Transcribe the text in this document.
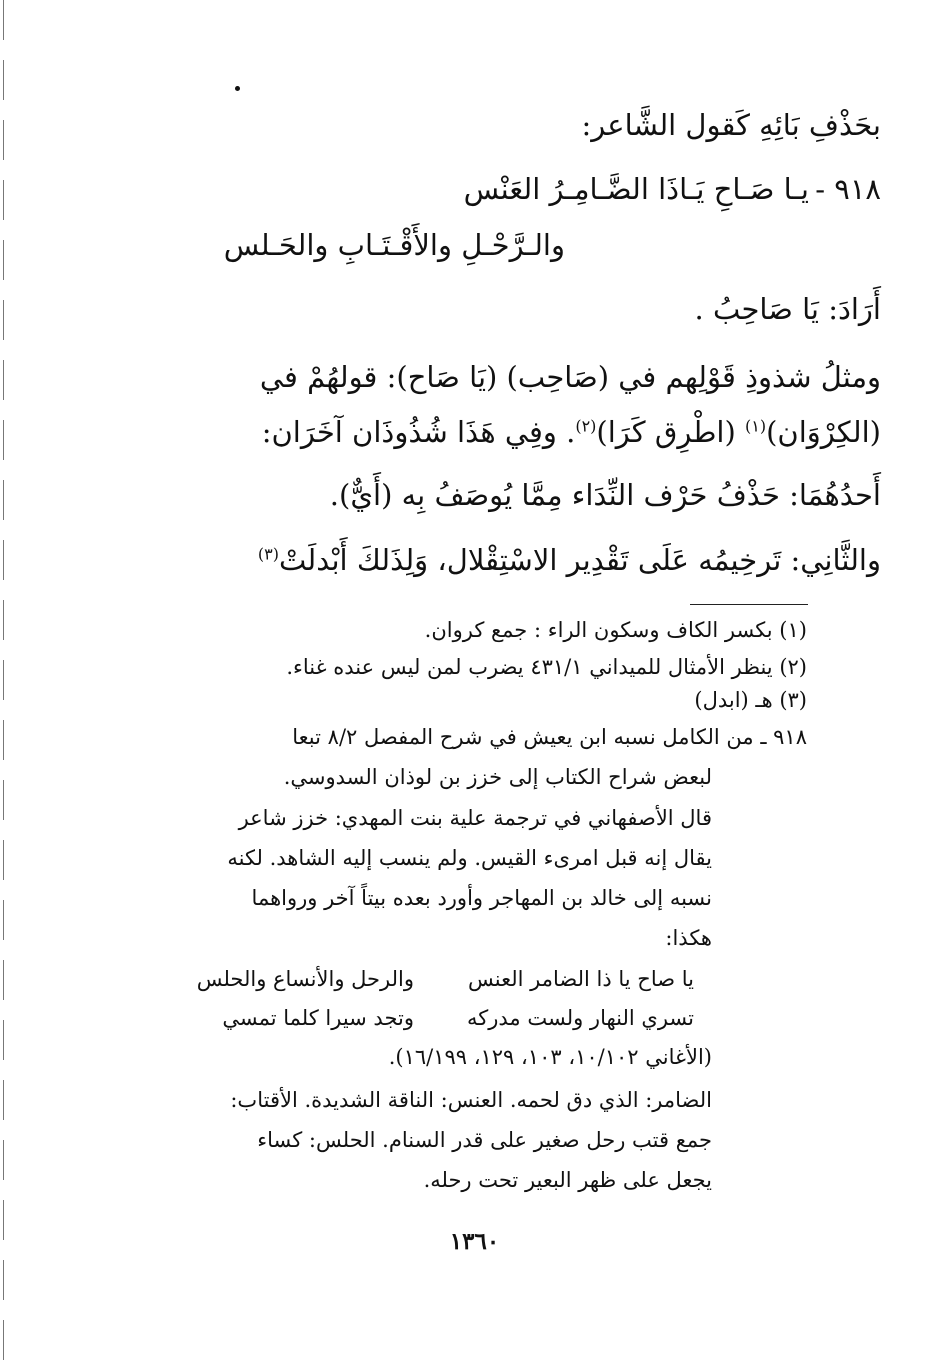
بحَذْفِ بَائِهِ كَقول الشَّاعر:
٩١٨ -
يـا صَـاحِ يَـاذَا الضَّـامِـرُ العَنْس
والـرَّحْـلِ والأَقْـتَـابِ والحَـلس
أَرَادَ: يَا صَاحِبُ .
ومثلُ شذوذِ قَوْلِهم في (صَاحِب) (يَا صَاح): قولهُمْ في
(الكِرْوَان)$^{(١)}$ (اطْرِق كَرَا)$^{(٢)}$. وفِي هَذَا شُذُوذَان آخَرَان:
أَحدُهُمَا: حَذْفُ حَرْف النِّدَاء مِمَّا يُوصَفُ بِه (أَيٌّ).
والثَّانِي: تَرخِيمُه عَلَى تَقْدِير الاسْتِقْلال، وَلِذَلكَ أَبْدلَتْ$^{(٣)}$
(١) بكسر الكاف وسكون الراء : جمع كروان.
(٢) ينظر الأمثال للميداني ٤٣١/١ يضرب لمن ليس عنده غناء.
(٣) هـ (ابدل)
٩١٨ ـ من الكامل نسبه ابن يعيش في شرح المفصل ٨/٢ تبعا
لبعض شراح الكتاب إلى خزز بن لوذان السدوسي.
قال الأصفهاني في ترجمة علية بنت المهدي: خزز شاعر
يقال إنه قبل امرىء القيس. ولم ينسب إليه الشاهد. لكنه
نسبه إلى خالد بن المهاجر وأورد بعده بيتاً آخر ورواهما
هكذا:
يا صاح يا ذا الضامر العنس
والرحل والأنساع والحلس
تسري النهار ولست مدركه
وتجد سيرا كلما تمسي
(الأغاني ١٠/١٠٢، ١٠٣، ١٢٩، ١٦/١٩٩).
الضامر: الذي دق لحمه. العنس: الناقة الشديدة. الأقتاب:
جمع قتب رحل صغير على قدر السنام. الحلس: كساء
يجعل على ظهر البعير تحت رحله.
١٣٦٠
